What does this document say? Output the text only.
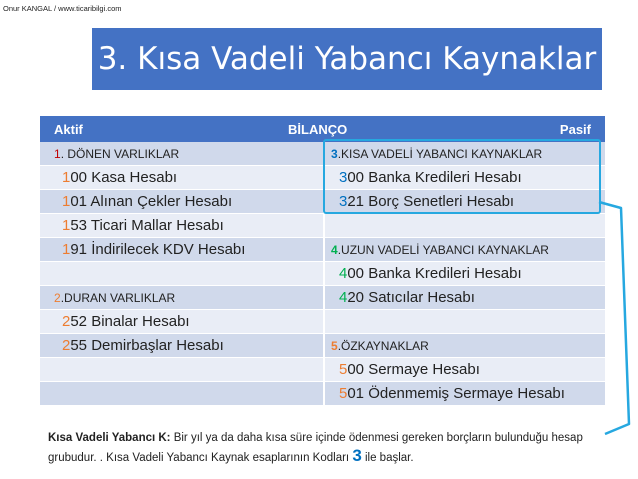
Onur KANGAL / www.ticaribilgi.com
3. Kısa Vadeli Yabancı Kaynaklar
Aktif	BİLANÇO	Pasif
1 . DÖNEN VARLIKLAR
1 00 Kasa Hesabı
1 01 Alınan Çekler Hesabı
1 53 Ticari Mallar Hesabı
1 91 İndirilecek KDV Hesabı
2 .DURAN VARLIKLAR
2 52 Binalar Hesabı
2 55 Demirbaşlar Hesabı
3 .KISA VADELİ YABANCI KAYNAKLAR
3 00 Banka Kredileri Hesabı
3 21 Borç Senetleri Hesabı
4 .UZUN VADELİ YABANCI KAYNAKLAR
4 00 Banka Kredileri Hesabı
4 20 Satıcılar Hesabı
5 .ÖZKAYNAKLAR
5 00 Sermaye Hesabı
5 01 Ödenmemiş Sermaye Hesabı
Kısa Vadeli Yabancı K: Bir yıl ya da daha kısa süre içinde ödenmesi gereken borçların bulunduğu hesap grubudur. . Kısa Vadeli Yabancı Kaynak esaplarının Kodları 3 ile başlar.
